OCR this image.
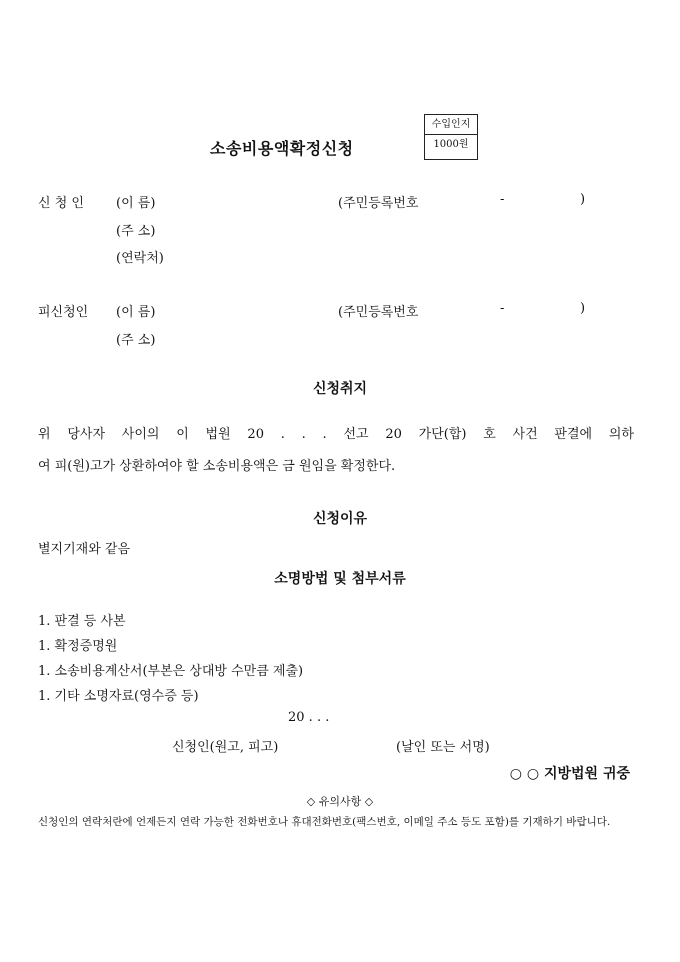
소송비용액확정신청
수입인지
1000원
신 청 인 (이 름)	(주민등록번호	-	)
(주 소)
(연락처)
피신청인 (이 름)	(주민등록번호	-	)
(주 소)
신청취지
위 당사자 사이의 이 법원 20 . . . 선고 20 가단(합) 호 사건 판결에 의하
여 피(원)고가 상환하여야 할 소송비용액은 금 원임을 확정한다.
신청이유
별지기재와 같음
소명방법 및 첨부서류
1. 판결 등 사본
1. 확정증명원
1. 소송비용계산서(부본은 상대방 수만큼 제출)
1. 기타 소명자료(영수증 등)
20 . . .
신청인(원고, 피고)	(날인 또는 서명)
○ ○ 지방법원 귀중
◇ 유의사항 ◇
신청인의 연락처란에 언제든지 연락 가능한 전화번호나 휴대전화번호(팩스번호, 이메일 주소 등도 포함)를 기재하기 바랍니다.
